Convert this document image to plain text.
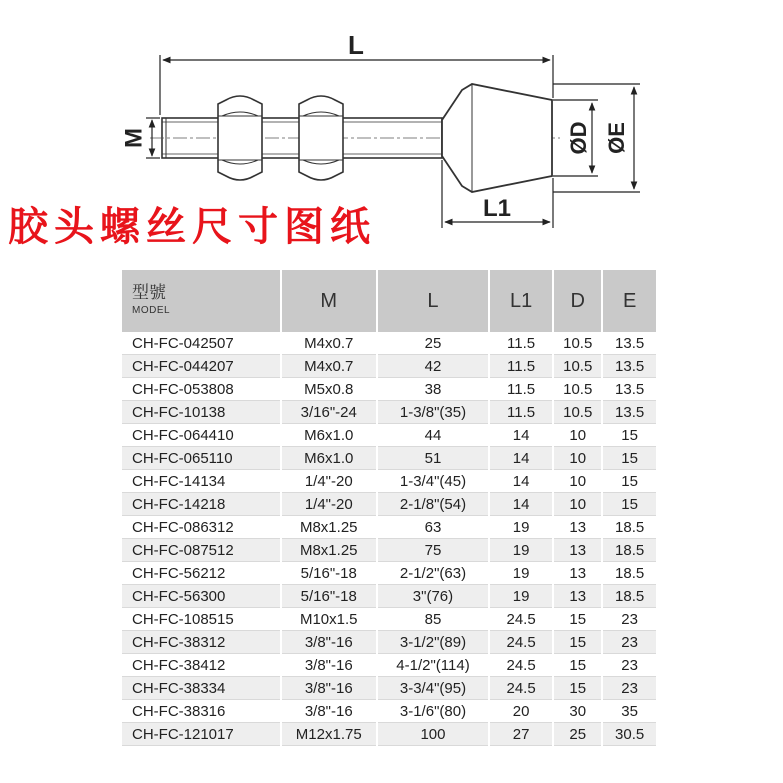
L
M
L1
ØD ØE
胶头螺丝尺寸图纸
型號
MODEL	M	L	L1	D	E
CH-FC-042507	M4x0.7	25	11.5	10.5	13.5
CH-FC-044207	M4x0.7	42	11.5	10.5	13.5
CH-FC-053808	M5x0.8	38	11.5	10.5	13.5
CH-FC-10138	3/16"-24	1-3/8"(35)	11.5	10.5	13.5
CH-FC-064410	M6x1.0	44	14	10	15
CH-FC-065110	M6x1.0	51	14	10	15
CH-FC-14134	1/4"-20	1-3/4"(45)	14	10	15
CH-FC-14218	1/4"-20	2-1/8"(54)	14	10	15
CH-FC-086312	M8x1.25	63	19	13	18.5
CH-FC-087512	M8x1.25	75	19	13	18.5
CH-FC-56212	5/16"-18	2-1/2"(63)	19	13	18.5
CH-FC-56300	5/16"-18	3"(76)	19	13	18.5
CH-FC-108515	M10x1.5	85	24.5	15	23
CH-FC-38312	3/8"-16	3-1/2"(89)	24.5	15	23
CH-FC-38412	3/8"-16	4-1/2"(114)	24.5	15	23
CH-FC-38334	3/8"-16	3-3/4"(95)	24.5	15	23
CH-FC-38316	3/8"-16	3-1/6"(80)	20	30	35
CH-FC-121017	M12x1.75	100	27	25	30.5
